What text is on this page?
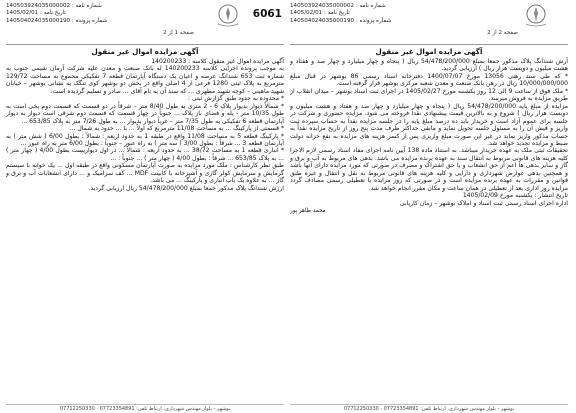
140503924035000002 شماره نامه :
1405/02/01 تاریخ نامه :
140504024035000190 شماره پرونده :
صفحه 2 از 2
آگهی مزایده اموال غیر منقول

آرش شتدانگ پلاک مذکور جمعا بمبلغ 54/478/200/000 ریال ( پنجاه و چهار میلیارد و چهار صد و هفتاد و هشت میلیون و دویست هزار ریال ) ارزیابی گردید.

* که طی سند رهنی 13056 مورخ 1400/07/07 دفترخانه اسناد رسمی 86 بوشهر در قبال مبلغ 10/000/000/000 ریال در رهن بانک صنعت و معدن شعبه مرکزی بوشهر قرار گرفته است.

* ملک فوق از ساعت 9 الی 12 روز یکشنبه مورخ 1405/02/27 در اجرای ثبت اسناد بوشهر – میدان انقلاب از طریق مزایده به فروش میرسد.

مزایده از مبلغ پایه 54/478/200/000 ریال ( پنجاه و چهار میلیارد و چهار صد و هفتاد و هشت میلیون و دویست هزار ریال ) شروع و به بالاترین قیمت پیشنهادی نقداً فروخته می شود. مزایده حضوری و شرکت در جلسه برای عموم آزاد است و خریدار باید ده درصد مبلغ پایه را در جلسه مزایده نقداً به حساب سپرده ثبت واریز و فیش آن را به مسئول جلسه تحویل نماید و مابقی حداکثر ظرف مدت پنج روز از تاریخ مزایده نقداً به حساب مذکور واریز نماید در غیر این صورت مبلغ واریزی پس از کسر هزینه های مزایده به نفع خزانه دولت ضبط و مزایده تجدید خواهد شد.

تحقیقات ثبتی ملک به عهده خریدار میباشد. به استناد ماده 138 آیین نامه اجرای مفاد اسناد رسمی لازم الاجرا کلیه هزینه های قانونی مربوط به انتقال سند به عهده برنده مزایده می باشد. بدهی های مربوط به آب و برق و گاز و سایر بدهی ها اعم از حق انشعاب و یا حق اشتراک و مصرف در صورتی که مورد مزایده دارای آنها باشد و همچنین بدهی عوارض شهرداری و دارایی و کلیه هزینه های قانونی مربوط به نقل و انتقال و غیره طبق قوانین و مقررات به عهده برنده مزایده است و در صورتی که روز مزایده با تعطیلی رسمی مصادف گردد مزایده روز اداری بعد از تعطیلی در همان ساعت و مکان مقرر انجام خواهد شد.

تاریخ انتشار : یکشنبه مورخ 1405/02/09

اداره اجرای اسناد رسمی ثبت اسناد و املاک بوشهر – زمان کاریابی

محمد طاهر پور
بوشهر - بلوار مهندس شهرداری، ارتباط تلفن: 07723354891 · 07712250330
6061
140503924035000002 شماره نامه :
1405/02/01 تاریخ نامه :
140504024035000190 شماره پرونده :
صفحه 1 از 2
آگهی مزایده اموال غیر منقول

آگهی مزایده اموال غیر منقول کلاسه : 140200233

به موجب پرونده اجرایی کلاسه 140200233 له بانک صنعت و معدن علیه شرکت آرمان شیمی جنوب به شماره ثبت 653 شتدانگ عرصه و اعیان یک دستگاه آپارتمان قطعه 7 تفکیکی مجموع به مساحت 129/72 مترمربع به پلاک ثبتی 1280 فرعی از 4 اصلی واقع در بخش دو بوشهر کوی تنگک به نشانی بوشهر – خیابان شهید ماهینی – کوچه شهید مطهری ... که سند آن به نام آقای ... صادر و تسلیم گردیده است.

* محدوده به حدود طبق گزارش ثبتی :

* شمالاً دیوار بدیوار پلاک 6 - 2 متری به طول 8/40 متر – شرقاً در دو قسمت که قسمت دوم پخی است به طول 10/35 متر - پله و فضای باز پلاک ... جنوباً در چهار قسمت که قسمت دوم شرقی است دیوار به دیوار آپارتمان قطعه 6 تفکیکی به طول 7/35 متر – غرباً دیوار بدیوار ... به طول 7/26 متر به پلاک 653/85 ...

* قسمتی از پارکینگ ... به مساحت 11/08 مترمربع که اولاً ... با ... حدود به شمال ...

* پارکینگ قطعه 5 به مساحت 11/08 واقع در طبقه 1 به حدود اربعه : شمالاً : بطول 6/00 ( شش متر ) به آپارتمان قطعه 3 ... شرقاً : بطول 3/00 ( سه متر ) به راه عبور – جنوباً : بطول 6/00 متر به راه عبور ...

* انباری قطعه 1 به مساحت 38/72 ... به حدود اربعه : شمالاً ... در اول دیواریست بطول 4/00 ( چهار متر ) ... به پلاک 653/85 ... شرقاً : بطول 4/00 ( چهار متر ) ... جنوباً : ...

طبق نظر کارشناس : ملک مورد مزایده به صورت آپارتمان مسکونی واقع در طبقه اول ... یک خوابه با سیستم گرمایش و سرمایش کولر گازی و آشپزخانه با کابینت MDF ... کف سرامیک و ... دارای انشعابات آب و برق و گاز ... به علاوه یک باب انباری و پارکینگ ... می باشد.

ارزش شتدانگ پلاک مذکور جمعا بمبلغ 54/478/200/000 ریال ارزیابی گردید.

بوشهر - بلوار مهندس شهرداری، ارتباط تلفن: 07723354891 · 07712250330
